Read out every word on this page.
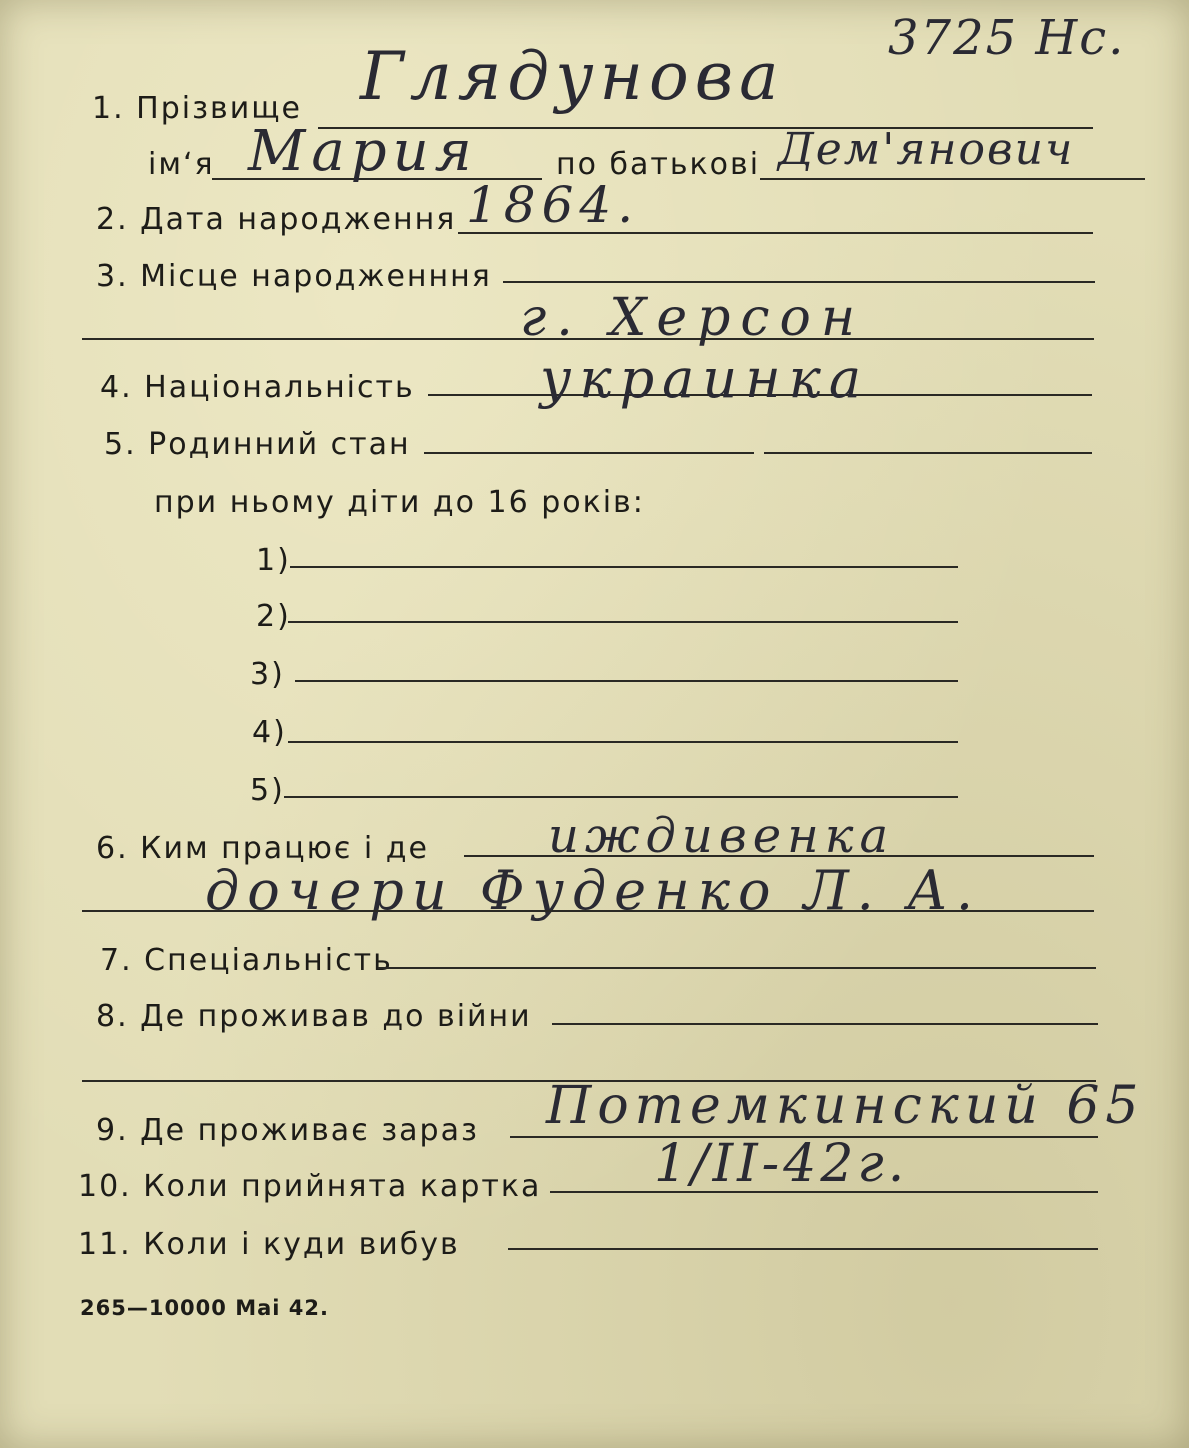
1. Прізвище Глядунова 3725 Нс.
ім‘я Мария	по батькові Дем'янович
2. Дата народження 1864.
3. Місце народженння
г. Херсон
4. Національність украинка
5. Родинний стан
при ньому діти до 16 років:
1)
2)
3)
4)
5)
6. Ким працює і де иждивенка
дочери Фуденко Л. А.
7. Спеціальність
8. Де проживав до війни
9. Де проживає зараз Потемкинский 65
10. Коли прийнята картка 1/II-42г.
11. Коли і куди вибув
265—10000 Mai 42.
